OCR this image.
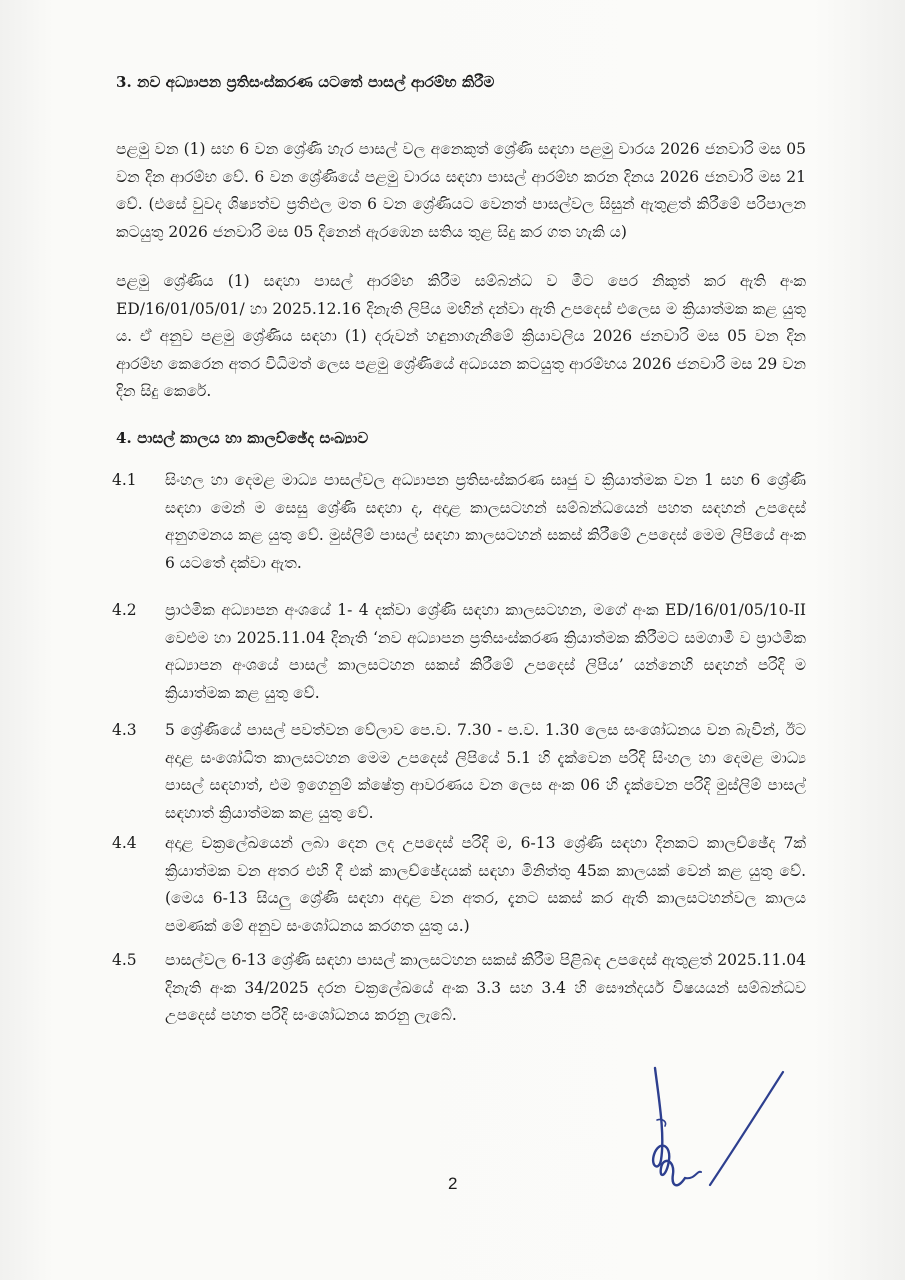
3. නව අධ්‍යාපන ප්‍රතිසංස්කරණ යටතේ පාසල් ආරම්භ කිරීම
පළමු වන (1) සහ 6 වන ශ්‍රේණි හැර පාසල් වල අනෙකුත් ශ්‍රේණි සඳහා පළමු වාරය 2026 ජනවාරි මස 05 වන දින ආරම්භ වේ. 6 වන ශ්‍රේණියේ පළමු වාරය සඳහා පාසල් ආරම්භ කරන දිනය 2026 ජනවාරි මස 21 වේ. (එසේ වුවද ශිෂ්‍යත්ව ප්‍රතිඵල මත 6 වන ශ්‍රේණියට වෙනත් පාසල්වල සිසුන් ඇතුළත් කිරීමේ පරිපාලන කටයුතු 2026 ජනවාරි මස 05 දිනෙන් ඇරඹෙන සතිය තුළ සිදු කර ගත හැකි ය)
පළමු ශ්‍රේණිය (1) සඳහා පාසල් ආරම්භ කිරීම සම්බන්ධ ව මීට පෙර නිකුත් කර ඇති අංක ED/16/01/05/01/ හා 2025.12.16 දිනැති ලිපිය මඟින් දන්වා ඇති උපදෙස් එලෙස ම ක්‍රියාත්මක කළ යුතු ය. ඒ අනුව පළමු ශ්‍රේණිය සඳහා (1) දරුවන් හඳුනාගැනීමේ ක්‍රියාවලිය 2026 ජනවාරි මස 05 වන දින ආරම්භ කෙරෙන අතර විධිමත් ලෙස පළමු ශ්‍රේණියේ අධ්‍යයන කටයුතු ආරම්භය 2026 ජනවාරි මස 29 වන දින සිදු කෙරේ.
4. පාසල් කාලය හා කාලච්ඡේද සංඛ්‍යාව
4.1 සිංහල හා දෙමළ මාධ්‍ය පාසල්වල අධ්‍යාපන ප්‍රතිසංස්කරණ සෘජු ව ක්‍රියාත්මක වන 1 සහ 6 ශ්‍රේණි සඳහා මෙන් ම සෙසු ශ්‍රේණි සඳහා ද, අදාළ කාලසටහන් සම්බන්ධයෙන් පහත සඳහන් උපදෙස් අනුගමනය කළ යුතු වේ. මුස්ලිම් පාසල් සඳහා කාලසටහන් සකස් කිරීමේ උපදෙස් මෙම ලිපියේ අංක 6 යටතේ දක්වා ඇත.
4.2 ප්‍රාථමික අධ්‍යාපන අංශයේ 1- 4 දක්වා ශ්‍රේණි සඳහා කාලසටහන, මගේ අංක ED/16/01/05/10-II වෙළුම හා 2025.11.04 දිනැති ‘නව අධ්‍යාපන ප්‍රතිසංස්කරණ ක්‍රියාත්මක කිරීමට සමගාමී ව ප්‍රාථමික අධ්‍යාපන අංශයේ පාසල් කාලසටහන සකස් කිරීමේ උපදෙස් ලිපිය’ යන්නෙහි සඳහන් පරිදි ම ක්‍රියාත්මක කළ යුතු වේ.
4.3 5 ශ්‍රේණියේ පාසල් පවත්වන වේලාව පෙ.ව. 7.30 - ප.ව. 1.30 ලෙස සංශෝධනය වන බැවින්, ඊට අදාළ සංශෝධිත කාලසටහන මෙම උපදෙස් ලිපියේ 5.1 හි දැක්වෙන පරිදි සිංහල හා දෙමළ මාධ්‍ය පාසල් සඳහාත්, එම ඉගෙනුම් ක්ෂේත්‍ර ආවරණය වන ලෙස අංක 06 හි දැක්වෙන පරිදි මුස්ලිම් පාසල් සඳහාත් ක්‍රියාත්මක කළ යුතු වේ.
4.4 අදාළ චක්‍රලේඛයෙන් ලබා දෙන ලද උපදෙස් පරිදි ම, 6-13 ශ්‍රේණි සඳහා දිනකට කාලච්ඡේද 7ක් ක්‍රියාත්මක වන අතර එහි දී එක් කාලච්ඡේදයක් සඳහා මිනිත්තු 45ක කාලයක් වෙන් කළ යුතු වේ. (මෙය 6-13 සියලු ශ්‍රේණි සඳහා අදාළ වන අතර, දැනට සකස් කර ඇති කාලසටහන්වල කාලය පමණක් මේ අනුව සංශෝධනය කරගත යුතු ය.)
4.5 පාසල්වල 6-13 ශ්‍රේණි සඳහා පාසල් කාලසටහන සකස් කිරීම පිළිබඳ උපදෙස් ඇතුළත් 2025.11.04 දිනැති අංක 34/2025 දරන චක්‍රලේඛයේ අංක 3.3 සහ 3.4 හි සෞන්දර්ය විෂයයන් සම්බන්ධව උපදෙස් පහත පරිදි සංශෝධනය කරනු ලැබේ.
2
